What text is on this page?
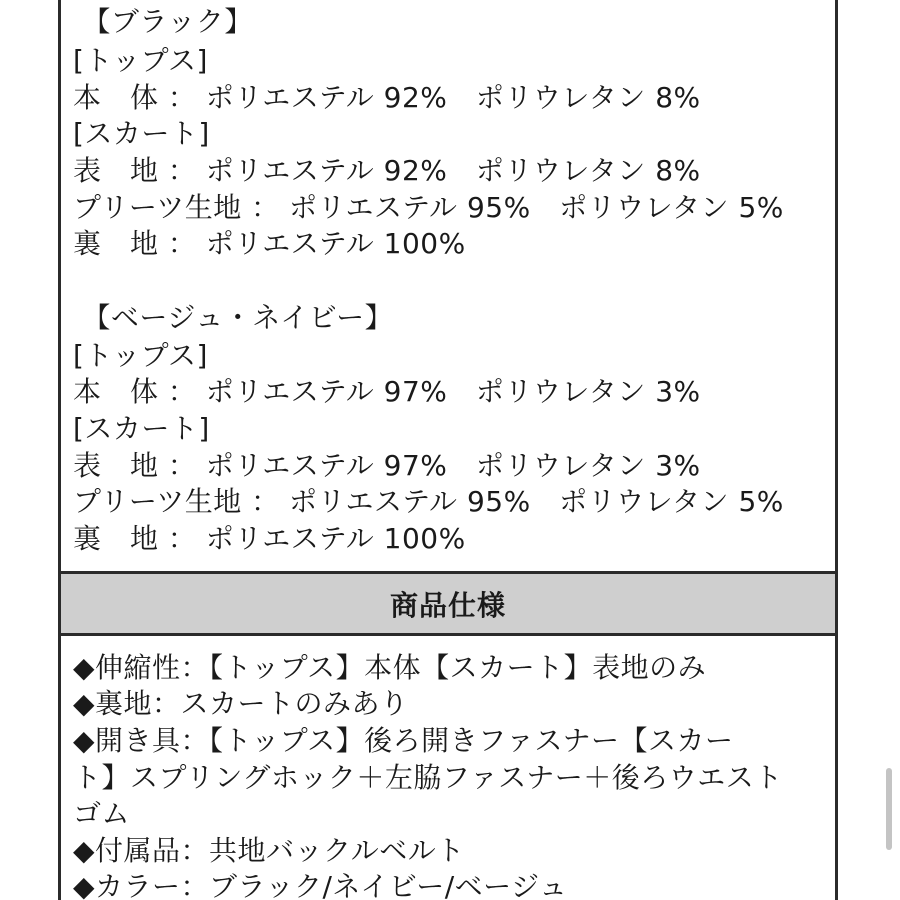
【ブラック】
[トップス]
本　体 ： ポリエステル 92%　ポリウレタン 8%
[スカート]
表　地 ： ポリエステル 92%　ポリウレタン 8%
プリーツ生地 ： ポリエステル 95%　ポリウレタン 5%
裏　地 ： ポリエステル 100%
【ベージュ・ネイビー】
[トップス]
本　体 ： ポリエステル 97%　ポリウレタン 3%
[スカート]
表　地 ： ポリエステル 97%　ポリウレタン 3%
プリーツ生地 ： ポリエステル 95%　ポリウレタン 5%
裏　地 ： ポリエステル 100%
商品仕様
◆伸縮性：【トップス】本体【スカート】表地のみ
◆裏地：スカートのみあり
◆開き具：【トップス】後ろ開きファスナー【スカー
ト】スプリングホック＋左脇ファスナー＋後ろウエスト
ゴム
◆付属品：共地バックルベルト
◆カラー：ブラック/ネイビー/ベージュ
